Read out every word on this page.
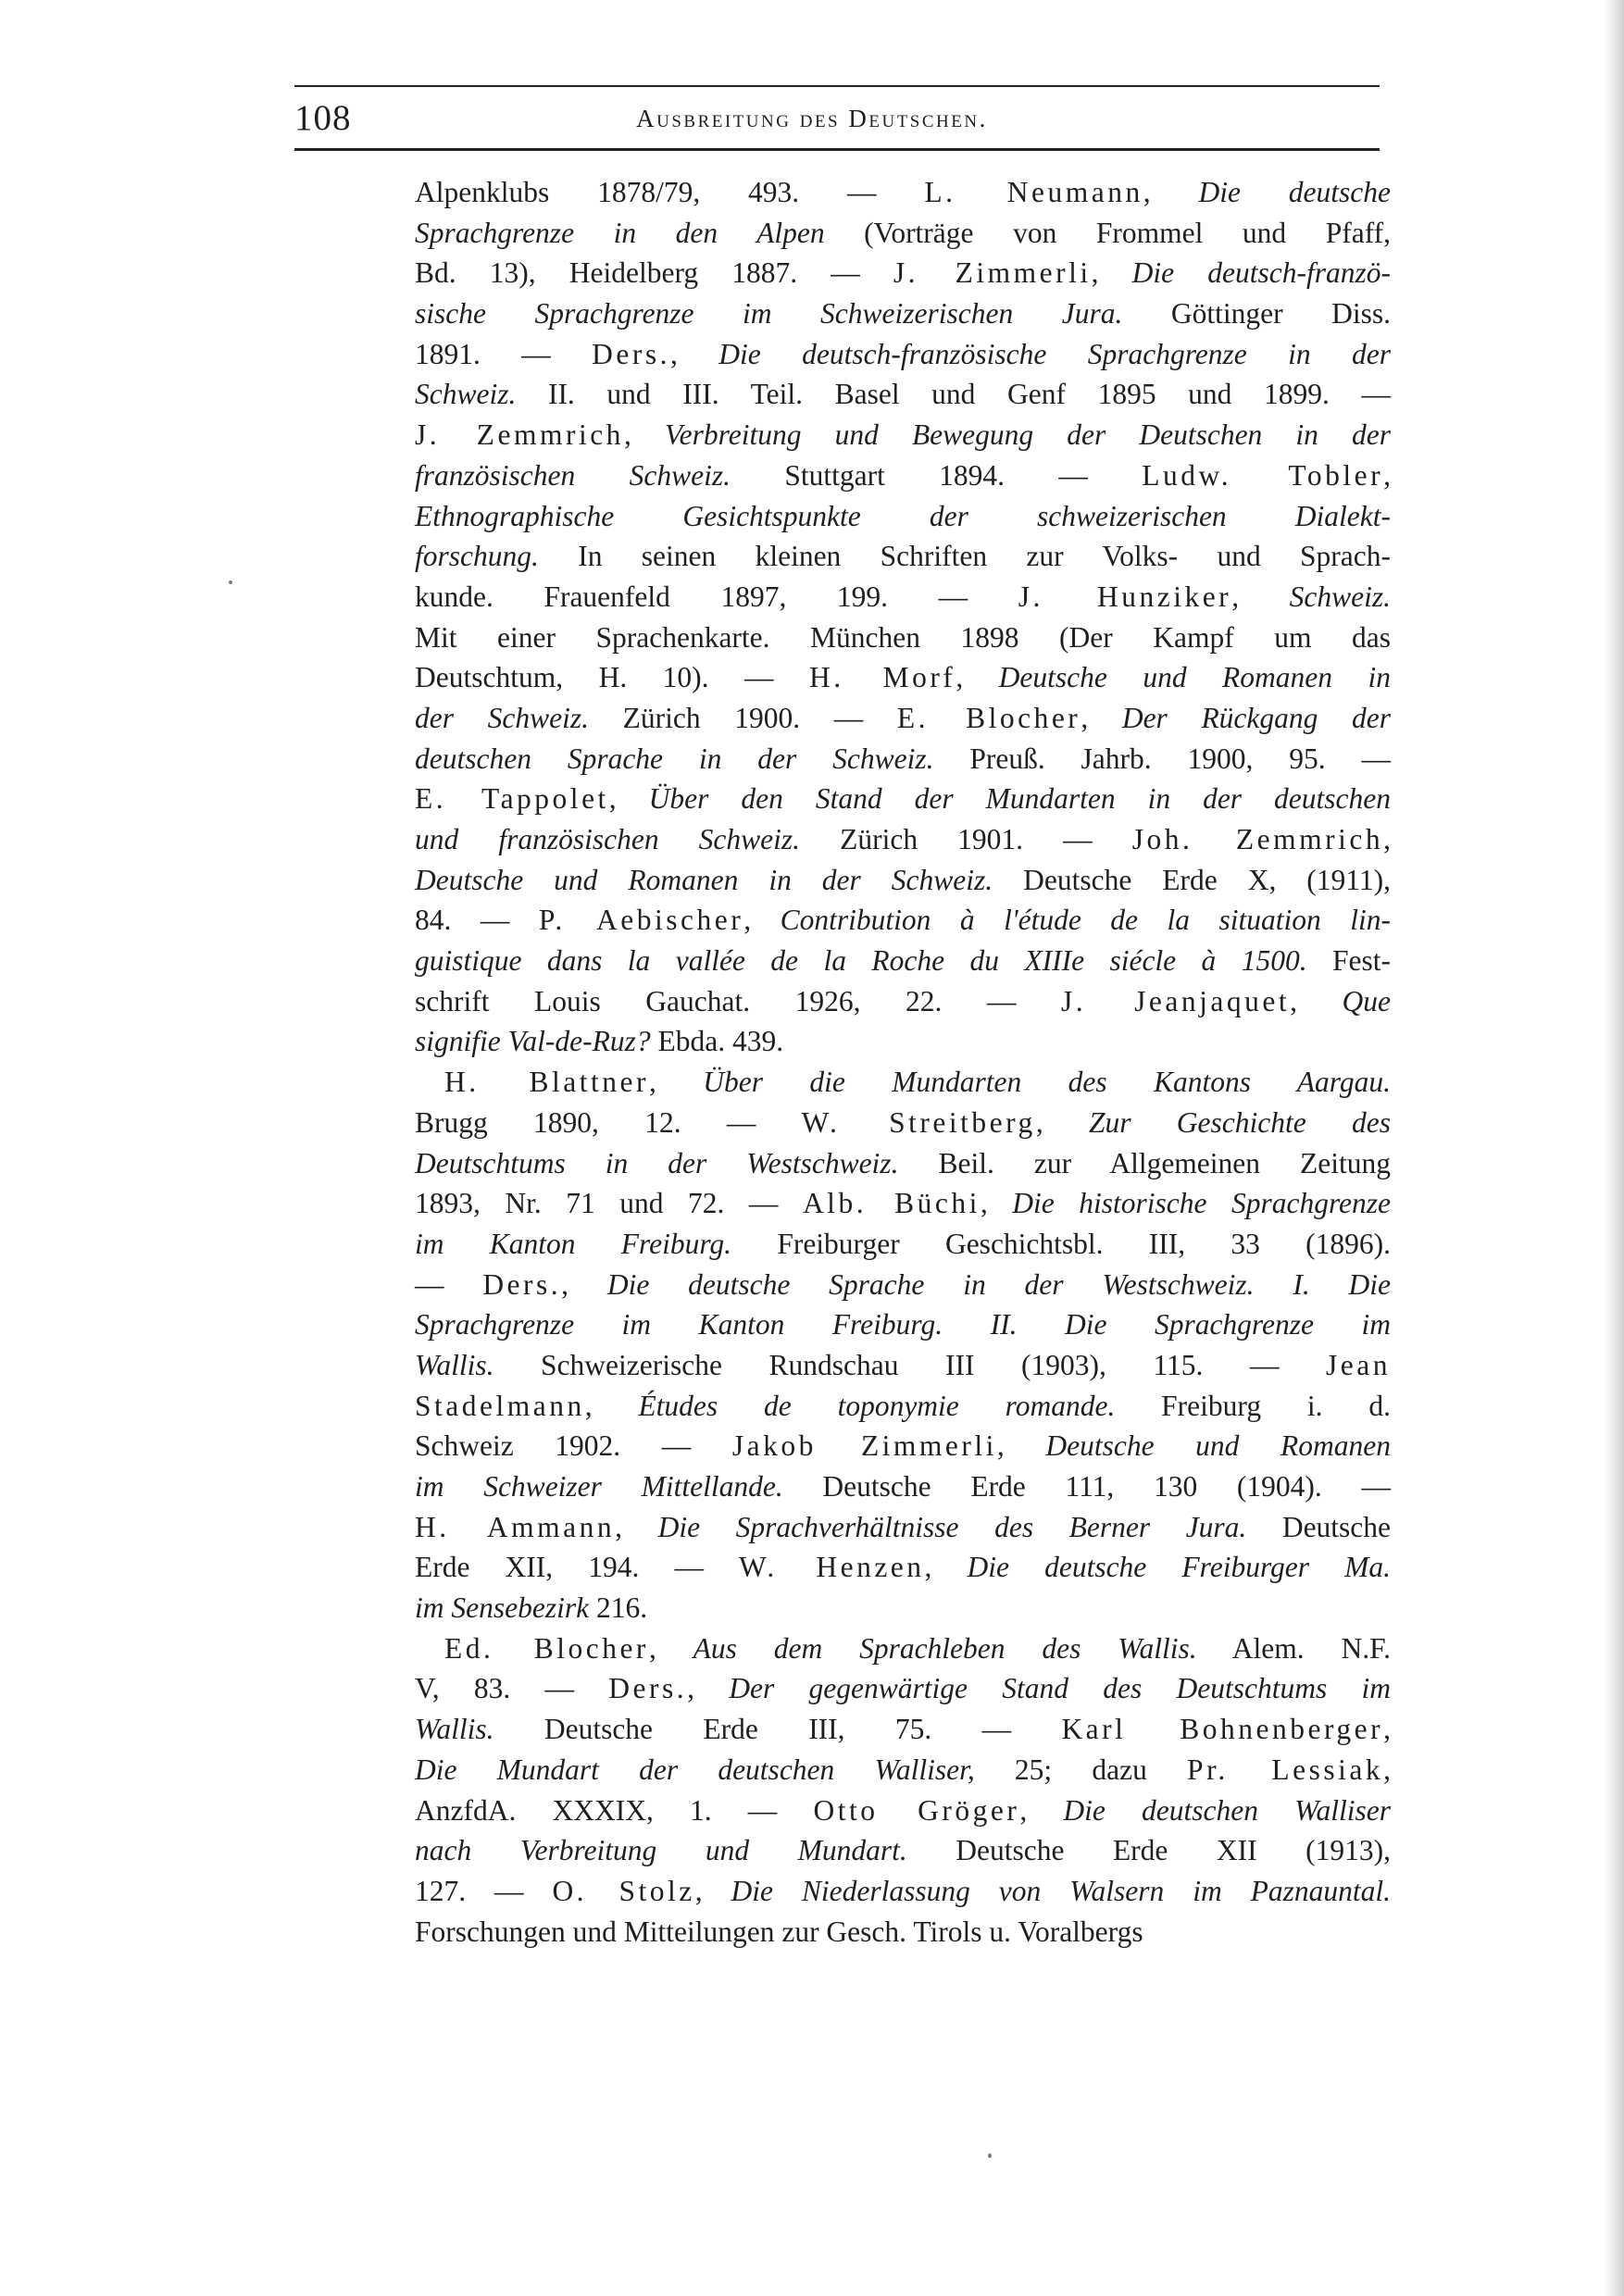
108	Ausbreitung des Deutschen.
Alpenklubs 1878/79, 493. — L. Neumann, Die deutsche
Sprachgrenze in den Alpen (Vorträge von Frommel und Pfaff,
Bd. 13), Heidelberg 1887. — J. Zimmerli, Die deutsch-franzö-
sische Sprachgrenze im Schweizerischen Jura. Göttinger Diss.
1891. — Ders., Die deutsch-französische Sprachgrenze in der
Schweiz. II. und III. Teil. Basel und Genf 1895 und 1899. —
J. Zemmrich, Verbreitung und Bewegung der Deutschen in der
französischen Schweiz. Stuttgart 1894. — Ludw. Tobler,
Ethnographische Gesichtspunkte der schweizerischen Dialekt-
forschung. In seinen kleinen Schriften zur Volks- und Sprach-
kunde. Frauenfeld 1897, 199. — J. Hunziker, Schweiz.
Mit einer Sprachenkarte. München 1898 (Der Kampf um das
Deutschtum, H. 10). — H. Morf, Deutsche und Romanen in
der Schweiz. Zürich 1900. — E. Blocher, Der Rückgang der
deutschen Sprache in der Schweiz. Preuß. Jahrb. 1900, 95. —
E. Tappolet, Über den Stand der Mundarten in der deutschen
und französischen Schweiz. Zürich 1901. — Joh. Zemmrich,
Deutsche und Romanen in der Schweiz. Deutsche Erde X, (1911),
84. — P. Aebischer, Contribution à l'étude de la situation lin-
guistique dans la vallée de la Roche du XIIIe siécle à 1500. Fest-
schrift Louis Gauchat. 1926, 22. — J. Jeanjaquet, Que
signifie Val-de-Ruz? Ebda. 439.
H. Blattner, Über die Mundarten des Kantons Aargau.
Brugg 1890, 12. — W. Streitberg, Zur Geschichte des
Deutschtums in der Westschweiz. Beil. zur Allgemeinen Zeitung
1893, Nr. 71 und 72. — Alb. Büchi, Die historische Sprachgrenze
im Kanton Freiburg. Freiburger Geschichtsbl. III, 33 (1896).
— Ders., Die deutsche Sprache in der Westschweiz. I. Die
Sprachgrenze im Kanton Freiburg. II. Die Sprachgrenze im
Wallis. Schweizerische Rundschau III (1903), 115. — Jean
Stadelmann, Études de toponymie romande. Freiburg i. d.
Schweiz 1902. — Jakob Zimmerli, Deutsche und Romanen
im Schweizer Mittellande. Deutsche Erde 111, 130 (1904). —
H. Ammann, Die Sprachverhältnisse des Berner Jura. Deutsche
Erde XII, 194. — W. Henzen, Die deutsche Freiburger Ma.
im Sensebezirk 216.
Ed. Blocher, Aus dem Sprachleben des Wallis. Alem. N.F.
V, 83. — Ders., Der gegenwärtige Stand des Deutschtums im
Wallis. Deutsche Erde III, 75. — Karl Bohnenberger,
Die Mundart der deutschen Walliser, 25; dazu Pr. Lessiak,
AnzfdA. XXXIX, 1. — Otto Gröger, Die deutschen Walliser
nach Verbreitung und Mundart. Deutsche Erde XII (1913),
127. — O. Stolz, Die Niederlassung von Walsern im Paznauntal.
Forschungen und Mitteilungen zur Gesch. Tirols u. Voralbergs
